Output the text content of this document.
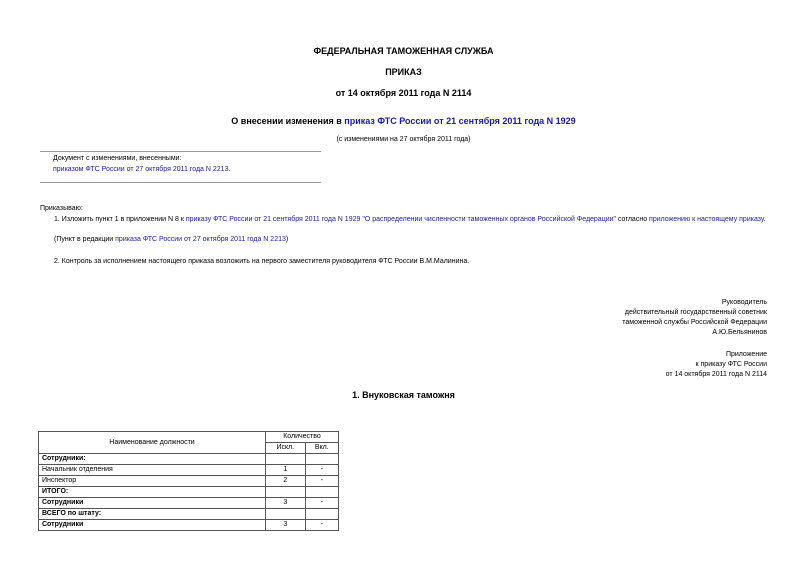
ФЕДЕРАЛЬНАЯ ТАМОЖЕННАЯ СЛУЖБА
ПРИКАЗ
от 14 октября 2011 года N 2114
О внесении изменения в приказ ФТС России от 21 сентября 2011 года N 1929
(с изменениями на 27 октября 2011 года)
Документ с изменениями, внесенными:
приказом ФТС России от 27 октября 2011 года N 2213.
Приказываю:
1. Изложить пункт 1 в приложении N 8 к приказу ФТС России от 21 сентября 2011 года N 1929 "О распределении численности таможенных органов Российской Федерации" согласно приложению к настоящему приказу.
(Пункт в редакции приказа ФТС России от 27 октября 2011 года N 2213)
2. Контроль за исполнением настоящего приказа возложить на первого заместителя руководителя ФТС России В.М.Малинина.
Руководитель
действительный государственный советник
таможенной службы Российской Федерации
А.Ю.Бельянинов
Приложение
к приказу ФТС России
от 14 октября 2011 года N 2114
1. Внуковская таможня
Наименование должности	Количество	
	Искл.	Вкл.
Сотрудники:		
Начальник отделения	1	-
Инспектор	2	-
ИТОГО:		
Сотрудники	3	-
ВСЕГО по штату:		
Сотрудники	3	-
